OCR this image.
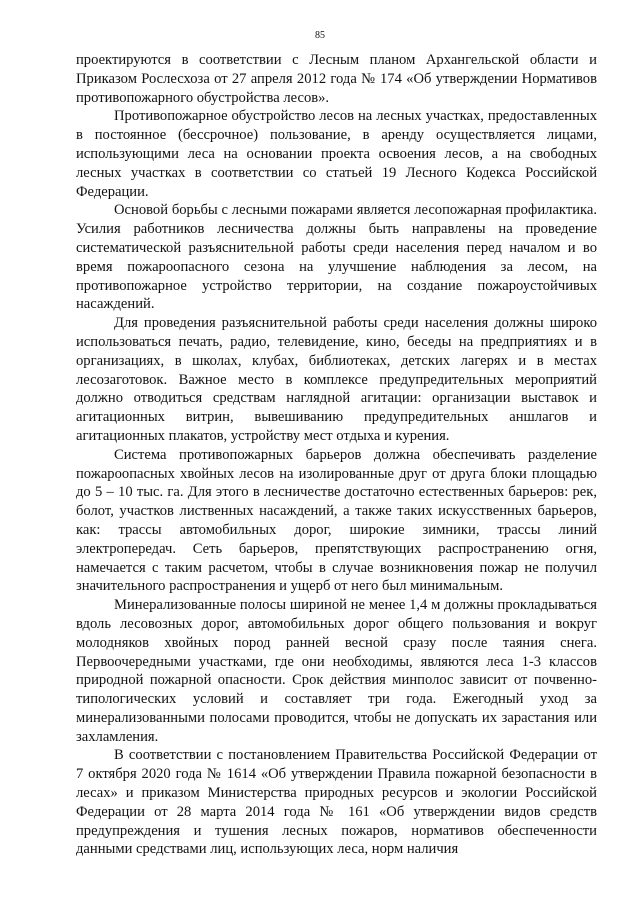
85

проектируются в соответствии с Лесным планом Архангельской области и Приказом Рослесхоза от 27 апреля 2012 года № 174 «Об утверждении Нормативов противопожарного обустройства лесов».

Противопожарное обустройство лесов на лесных участках, предоставленных в постоянное (бессрочное) пользование, в аренду осуществляется лицами, использующими леса на основании проекта освоения лесов, а на свободных лесных участках в соответствии со статьей 19 Лесного Кодекса Российской Федерации.

Основой борьбы с лесными пожарами является лесопожарная профилактика. Усилия работников лесничества должны быть направлены на проведение систематической разъяснительной работы среди населения перед началом и во время пожароопасного сезона на улучшение наблюдения за лесом, на противопожарное устройство территории, на создание пожароустойчивых насаждений.

Для проведения разъяснительной работы среди населения должны широко использоваться печать, радио, телевидение, кино, беседы на предприятиях и в организациях, в школах, клубах, библиотеках, детских лагерях и в местах лесозаготовок. Важное место в комплексе предупредительных мероприятий должно отводиться средствам наглядной агитации: организации выставок и агитационных витрин, вывешиванию предупредительных аншлагов и агитационных плакатов, устройству мест отдыха и курения.

Система противопожарных барьеров должна обеспечивать разделение пожароопасных хвойных лесов на изолированные друг от друга блоки площадью до 5 – 10 тыс. га. Для этого в лесничестве достаточно естественных барьеров: рек, болот, участков лиственных насаждений, а также таких искусственных барьеров, как: трассы автомобильных дорог, широкие зимники, трассы линий электропередач. Сеть барьеров, препятствующих распространению огня, намечается с таким расчетом, чтобы в случае возникновения пожар не получил значительного распространения и ущерб от него был минимальным.

Минерализованные полосы шириной не менее 1,4 м должны прокладываться вдоль лесовозных дорог, автомобильных дорог общего пользования и вокруг молодняков хвойных пород ранней весной сразу после таяния снега. Первоочередными участками, где они необходимы, являются леса 1-3 классов природной пожарной опасности. Срок действия минполос зависит от почвенно-типологических условий и составляет три года. Ежегодный уход за минерализованными полосами проводится, чтобы не допускать их зарастания или захламления.

В соответствии с постановлением Правительства Российской Федерации от 7 октября 2020 года № 1614 «Об утверждении Правила пожарной безопасности в лесах» и приказом Министерства природных ресурсов и экологии Российской Федерации от 28 марта 2014 года № 161 «Об утверждении видов средств предупреждения и тушения лесных пожаров, нормативов обеспеченности данными средствами лиц, использующих леса, норм наличия
